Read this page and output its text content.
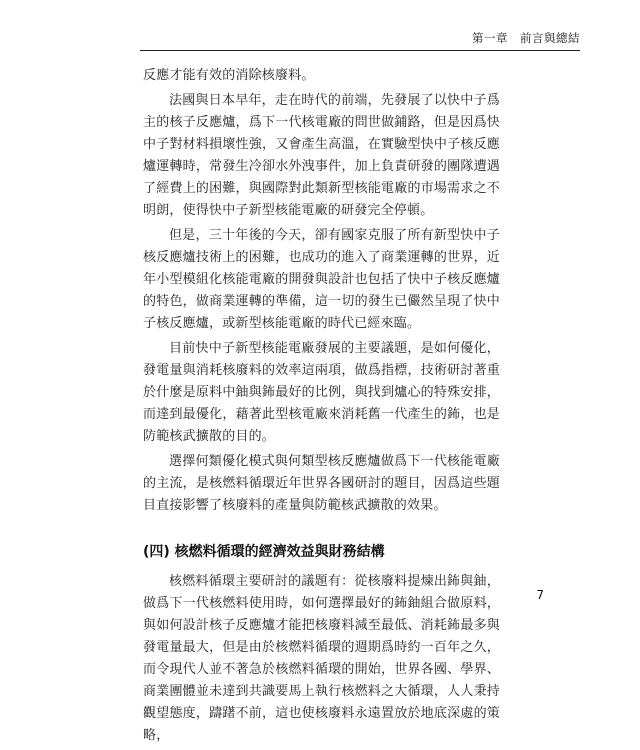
第一章　前言與總結

反應才能有效的消除核廢料。

法國與日本早年，走在時代的前端，先發展了以快中子爲主的核子反應爐，爲下一代核電廠的問世做鋪路，但是因爲快中子對材料損壞性強，又會產生高溫，在實驗型快中子核反應爐運轉時，常發生冷卻水外洩事件，加上負責研發的團隊遭遇了經費上的困難，與國際對此類新型核能電廠的市場需求之不明朗，使得快中子新型核能電廠的研發完全停頓。

但是，三十年後的今天，卻有國家克服了所有新型快中子核反應爐技術上的困難，也成功的進入了商業運轉的世界，近年小型模組化核能電廠的開發與設計也包括了快中子核反應爐的特色，做商業運轉的準備，這一切的發生已儼然呈現了快中子核反應爐，或新型核能電廠的時代已經來臨。

目前快中子新型核能電廠發展的主要議題，是如何優化，發電量與消耗核廢料的效率這兩項，做爲指標，技術研討著重於什麼是原料中鈾與鈽最好的比例，與找到爐心的特殊安排，而達到最優化，藉著此型核電廠來消耗舊一代產生的鈽，也是防範核武擴散的目的。

選擇何類優化模式與何類型核反應爐做爲下一代核能電廠的主流，是核燃料循環近年世界各國研討的題目，因爲這些題目直接影響了核廢料的產量與防範核武擴散的效果。

(四) 核燃料循環的經濟效益與財務結構

核燃料循環主要研討的議題有：從核廢料提煉出鈽與鈾，做爲下一代核燃料使用時，如何選擇最好的鈽鈾組合做原料，與如何設計核子反應爐才能把核廢料減至最低、消耗鈽最多與發電量最大，但是由於核燃料循環的週期爲時約一百年之久，而令現代人並不著急於核燃料循環的開始，世界各國、學界、商業團體並未達到共識要馬上執行核燃料之大循環，人人秉持觀望態度，躊躇不前，這也使核廢料永遠置放於地底深處的策略，

7
